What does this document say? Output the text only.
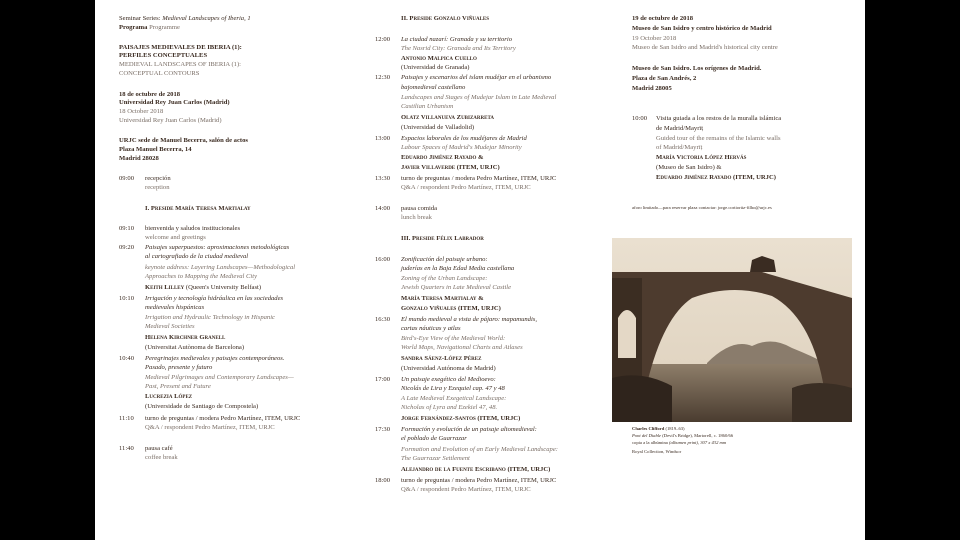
Seminar Series: Medieval Landscapes of Iberia, 1
Programa Programme
PAISAJES MEDIEVALES DE IBERIA (1):
PERFILES CONCEPTUALES
MEDIEVAL LANDSCAPES OF IBERIA (1):
CONCEPTUAL CONTOURS
18 de octubre de 2018
Universidad Rey Juan Carlos (Madrid)
18 October 2018
Universidad Rey Juan Carlos (Madrid)
URJC sede de Manuel Becerra, salón de actos
Plaza Manuel Becerra, 14
Madrid 28028
09:00 recepción
reception
I. Preside María Teresa Martialay
09:10 bienvenida y saludos institucionales
welcome and greetings
09:20 Paisajes superpuestos: aproximaciones metodológicas
al cartografiado de la ciudad medieval
keynote address: Layering Landscapes—Methodological
Approaches to Mapping the Medieval City
Keith Lilley (Queen's University Belfast)
10:10 Irrigación y tecnología hidráulica en las sociedades
medievales hispánicas
Irrigation and Hydraulic Technology in Hispanic
Medieval Societies
Helena Kirchner Granell
(Universitat Autònoma de Barcelona)
10:40 Peregrinajes medievales y paisajes contemporáneos.
Pasado, presente y futuro
Medieval Pilgrimages and Contemporary Landscapes—
Past, Present and Future
Lucrezia López
(Universidade de Santiago de Compostela)
11:10 turno de preguntas / modera Pedro Martínez, ITEM, URJC
Q&A / respondent Pedro Martínez, ITEM, URJC
11:40 pausa café
coffee break
II. Preside Gonzalo Viñuales
12:00 La ciudad nazarí: Granada y su territorio
The Nasrid City: Granada and Its Territory
Antonio Malpica Cuello
(Universidad de Granada)
12:30 Paisajes y escenarios del islam mudéjar en el urbanismo
bajomedieval castellano
Landscapes and Stages of Mudejar Islam in Late Medieval
Castilian Urbanism
Olatz Villanueva Zubizarreta
(Universidad de Valladolid)
13:00 Espacios laborales de los mudéjares de Madrid
Labour Spaces of Madrid's Mudejar Minority
Eduardo Jiménez Rayado &
Javier Villaverde (ITEM, URJC)
13:30 turno de preguntas / modera Pedro Martínez, ITEM, URJC
Q&A / respondent Pedro Martínez, ITEM, URJC
14:00 pausa comida
lunch break
III. Preside Félix Labrador
16:00 Zonificación del paisaje urbano:
juderías en la Baja Edad Media castellana
Zoning of the Urban Landscape:
Jewish Quarters in Late Medieval Castile
María Teresa Martialay &
Gonzalo Viñuales (ITEM, URJC)
16:30 El mundo medieval a vista de pájaro: mapamundis,
cartas náuticas y atlas
Bird's-Eye View of the Medieval World:
World Maps, Navigational Charts and Atlases
Sandra Sáenz-López Pérez
(Universidad Autónoma de Madrid)
17:00 Un paisaje exegético del Medioevo:
Nicolás de Lira y Ezequiel cap. 47 y 48
A Late Medieval Exegetical Landscape:
Nicholas of Lyra and Ezekiel 47, 48.
Jorge Fernández-Santos (ITEM, URJC)
17:30 Formación y evolución de un paisaje altomedieval:
el poblado de Guarrazar
Formation and Evolution of an Early Medieval Landscape:
The Guarrazar Settlement
Alejandro de la Fuente Escribano (ITEM, URJC)
18:00 turno de preguntas / modera Pedro Martínez, ITEM, URJC
Q&A / respondent Pedro Martínez, ITEM, URJC
19 de octubre de 2018
Museo de San Isidro y centro histórico de Madrid
19 October 2018
Museo de San Isidro and Madrid's historical city centre
Museo de San Isidro. Los orígenes de Madrid.
Plaza de San Andrés, 2
Madrid 28005
10:00 Visita guiada a los restos de la muralla islámica
de Madrid/Mayrīṭ
Guided tour of the remains of the Islamic walls
of Madrid/Mayrīṭ
María Victoria López Hervás
(Museo de San Isidro) &
Eduardo Jiménez Rayado (ITEM, URJC)
aforo limitado—para reservar plaza contactar: jorge.cortiortiz-filho@urjc.es
Charles Clifford (1819–63)
Pont del Diable (Devil's Bridge), Martorell, c. 1860/66
copia a la albúmina (albumen print), 307 x 432 mm
Royal Collection, Windsor
